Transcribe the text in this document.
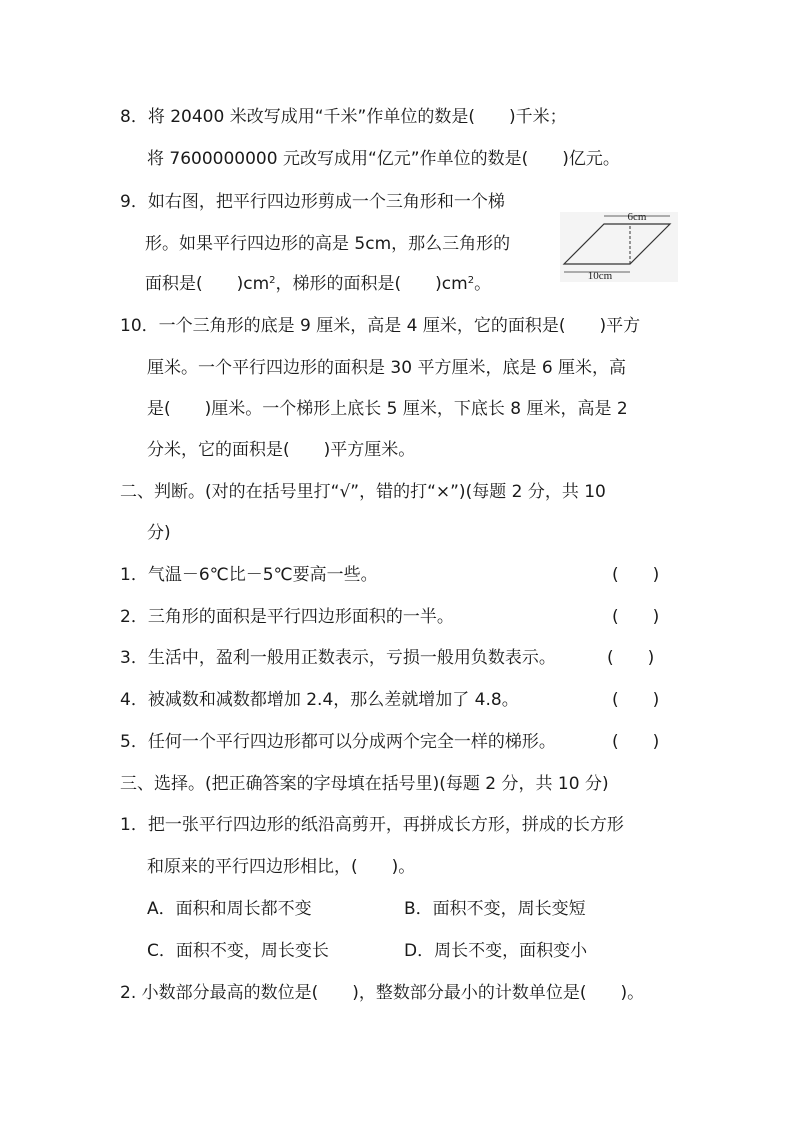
8．将 20400 米改写成用“千米”作单位的数是(　　)千米；
将 7600000000 元改写成用“亿元”作单位的数是(　　)亿元。
9．如右图，把平行四边形剪成一个三角形和一个梯
形。如果平行四边形的高是 5cm，那么三角形的
面积是(　　)$cm^2$，梯形的面积是(　　)$cm^2$。
6cm
10cm
10．一个三角形的底是 9 厘米，高是 4 厘米，它的面积是(　　)平方
厘米。一个平行四边形的面积是 30 平方厘米，底是 6 厘米，高
是(　　)厘米。一个梯形上底长 5 厘米，下底长 8 厘米，高是 2
分米，它的面积是(　　)平方厘米。
二、判断。(对的在括号里打“√”，错的打“×”)(每题 2 分，共 10
分)
1．气温－6℃比－5℃要高一些。	(　　)
2．三角形的面积是平行四边形面积的一半。	(　　)
3．生活中，盈利一般用正数表示，亏损一般用负数表示。	(　　)
4．被减数和减数都增加 2.4，那么差就增加了 4.8。	(　　)
5．任何一个平行四边形都可以分成两个完全一样的梯形。	(　　)
三、选择。(把正确答案的字母填在括号里)(每题 2 分，共 10 分)
1．把一张平行四边形的纸沿高剪开，再拼成长方形，拼成的长方形
和原来的平行四边形相比，(　　)。
A．面积和周长都不变	B．面积不变，周长变短
C．面积不变，周长变长	D．周长不变，面积变小
2. 小数部分最高的数位是(　　)，整数部分最小的计数单位是(　　)。
